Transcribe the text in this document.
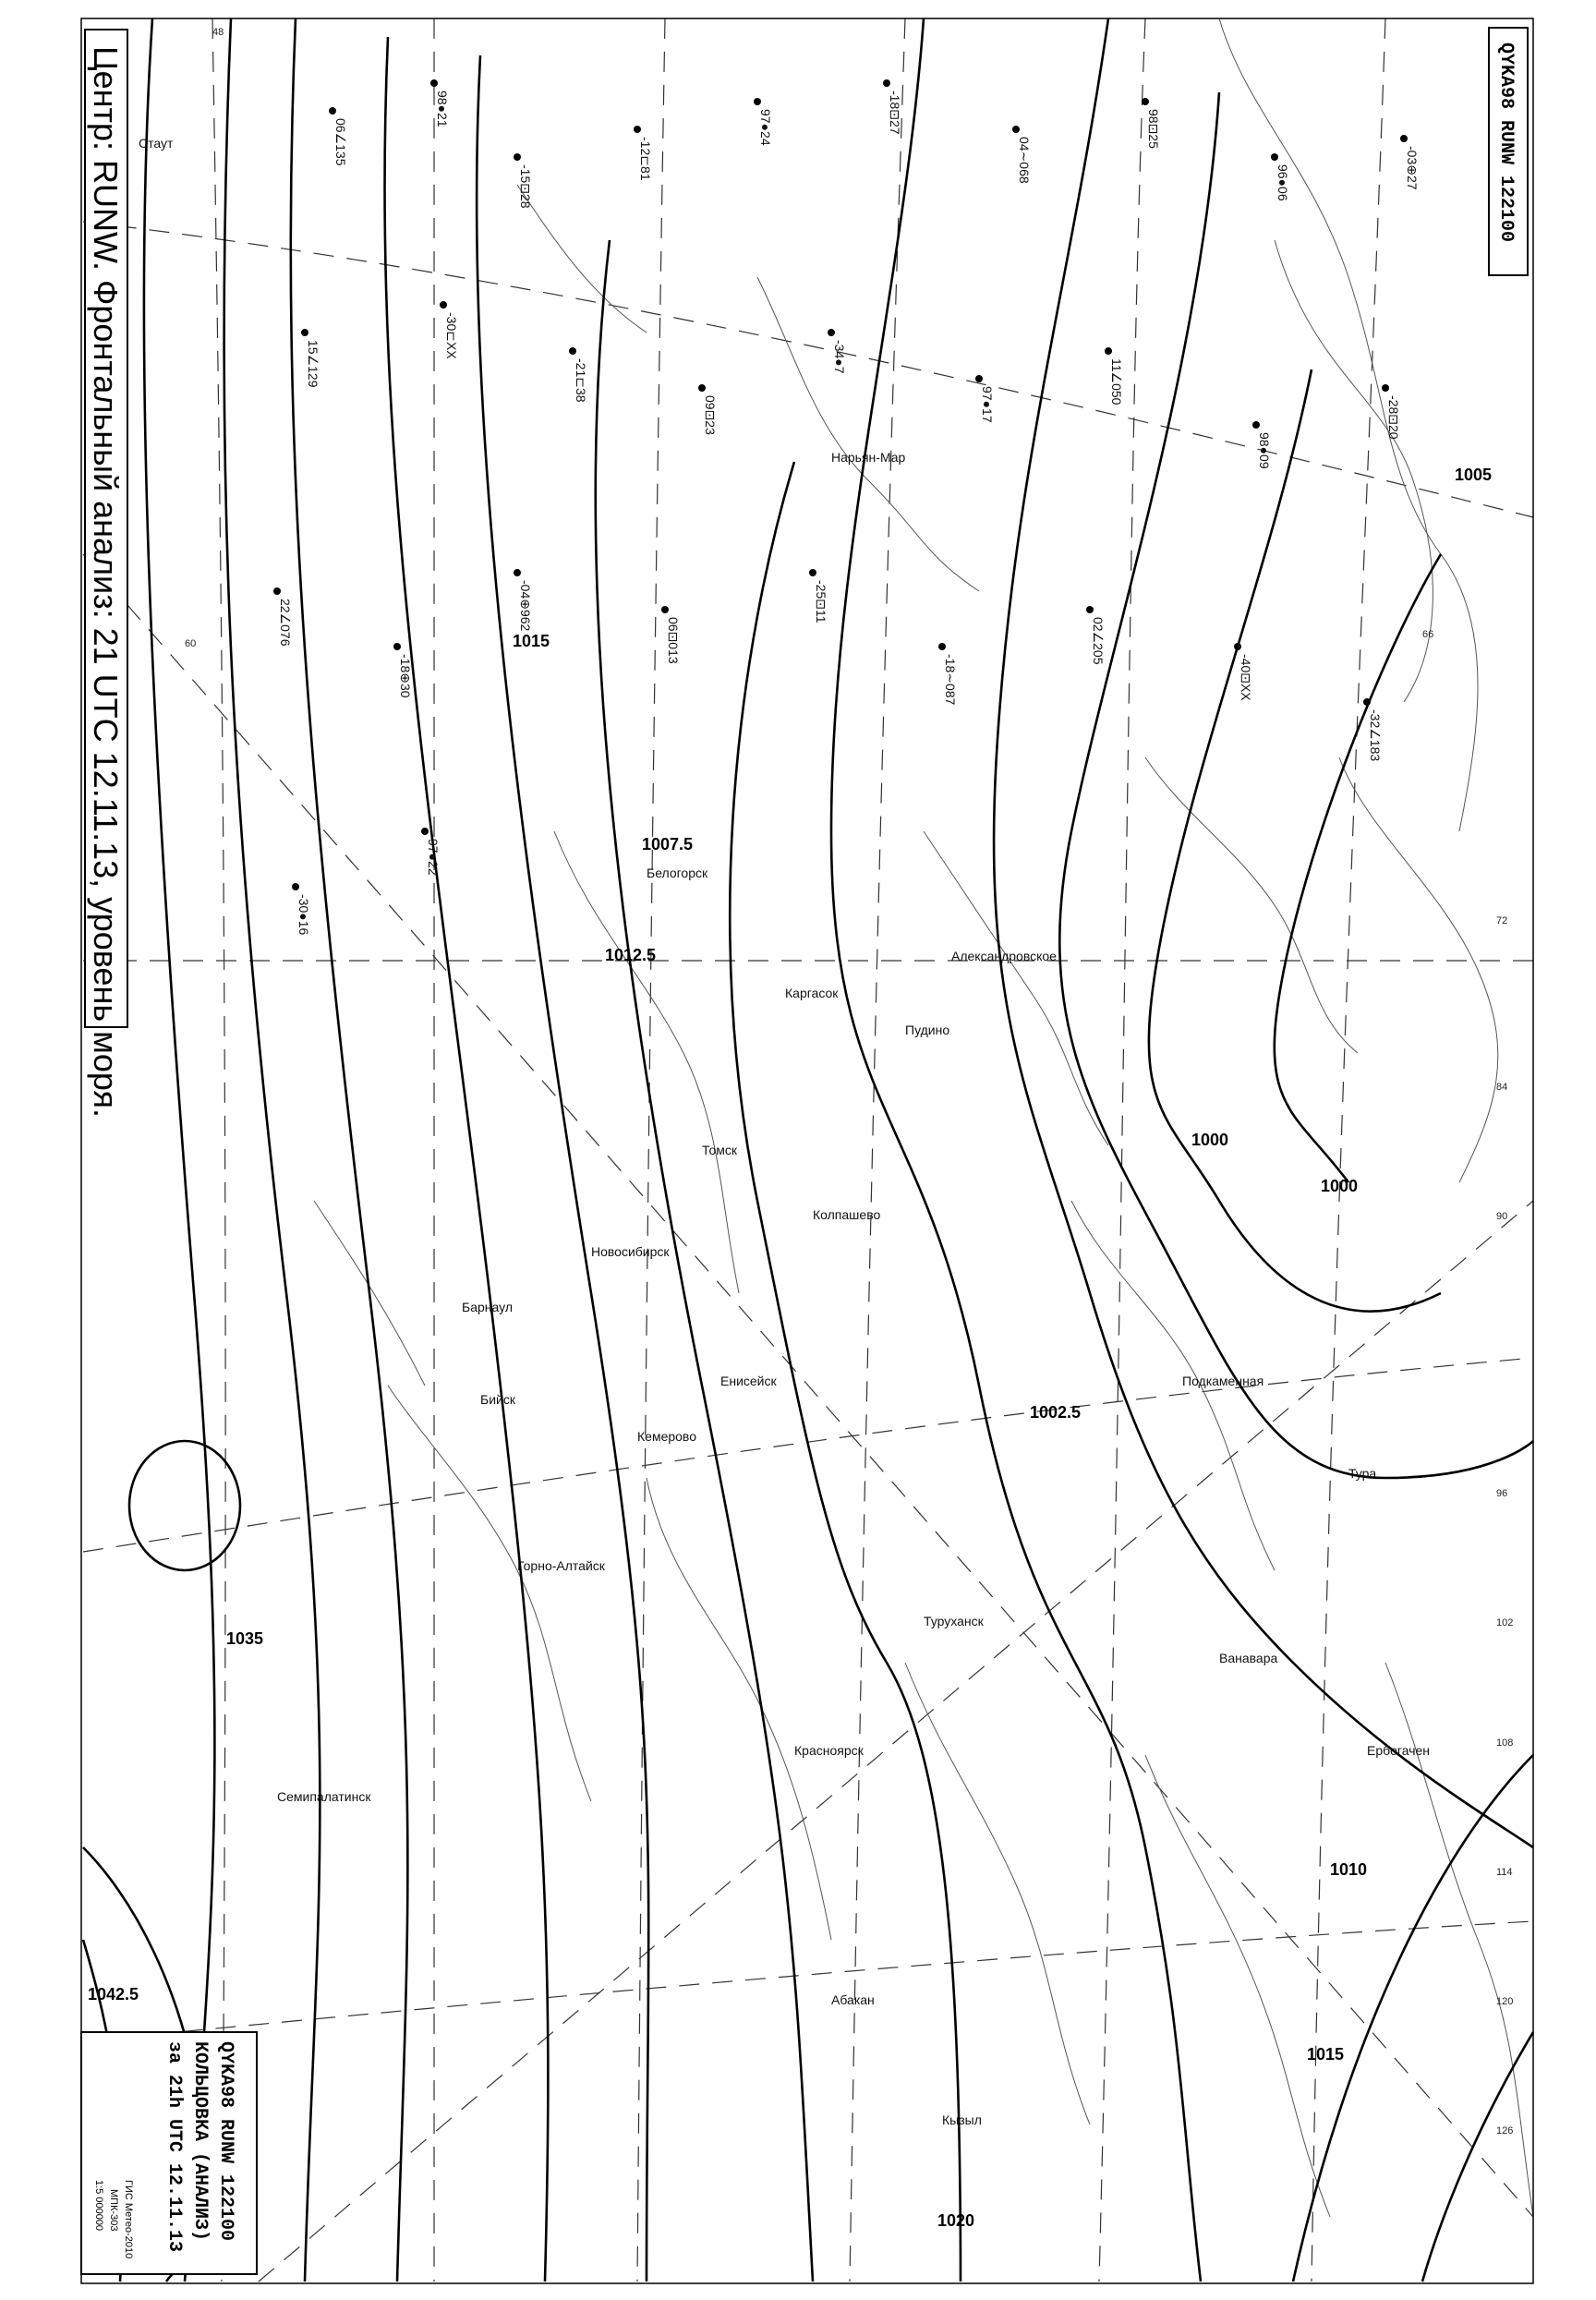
1035
1015
1012.5
1007.5
1005
1002.5
1000
1000
1010
1015
1020
1042.5
48
60
66
72
84
90
96
102
108
114
120
126
Стаут
Белогорск
Александровское
Нарьян-Мар
Колпашево
Барнаул
Новосибирск
Енисейск
Каргасок
Томск
Кемерово
Бийск
Туруханск
Красноярск
Абакан
Кызыл
Горно-Алтайск
Семипалатинск
Пудино
Подкаменная
Ванавара
Ербогачен
Тура
06∠135
98●21
-15⊡28
-12⊏81
97●24	-18⊡27
04∼068
98⊡25
96●06	-03⊕27
15∠129
-30⊏XX
-21⊏38
09⊡23
-34●7
97●17	11∠050
98●09
-28⊡20
22∠076
-18⊕30
-04⊕962
06⊡013
-25⊡11
-18∼087
02∠205
-40⊡XX
-32∠183
-30●16
97●22
Центр: RUNW. Фронтальный анализ: 21 UTC 12.11.13, уровень моря.	QYKA98 RUNW 122100
QYKA98 RUNW 122100
КОЛЬЦОВКА (АНАЛИЗ)
за 21h UTC 12.11.13
ГИС Метео-2010
МПК-303
1:5 000000
